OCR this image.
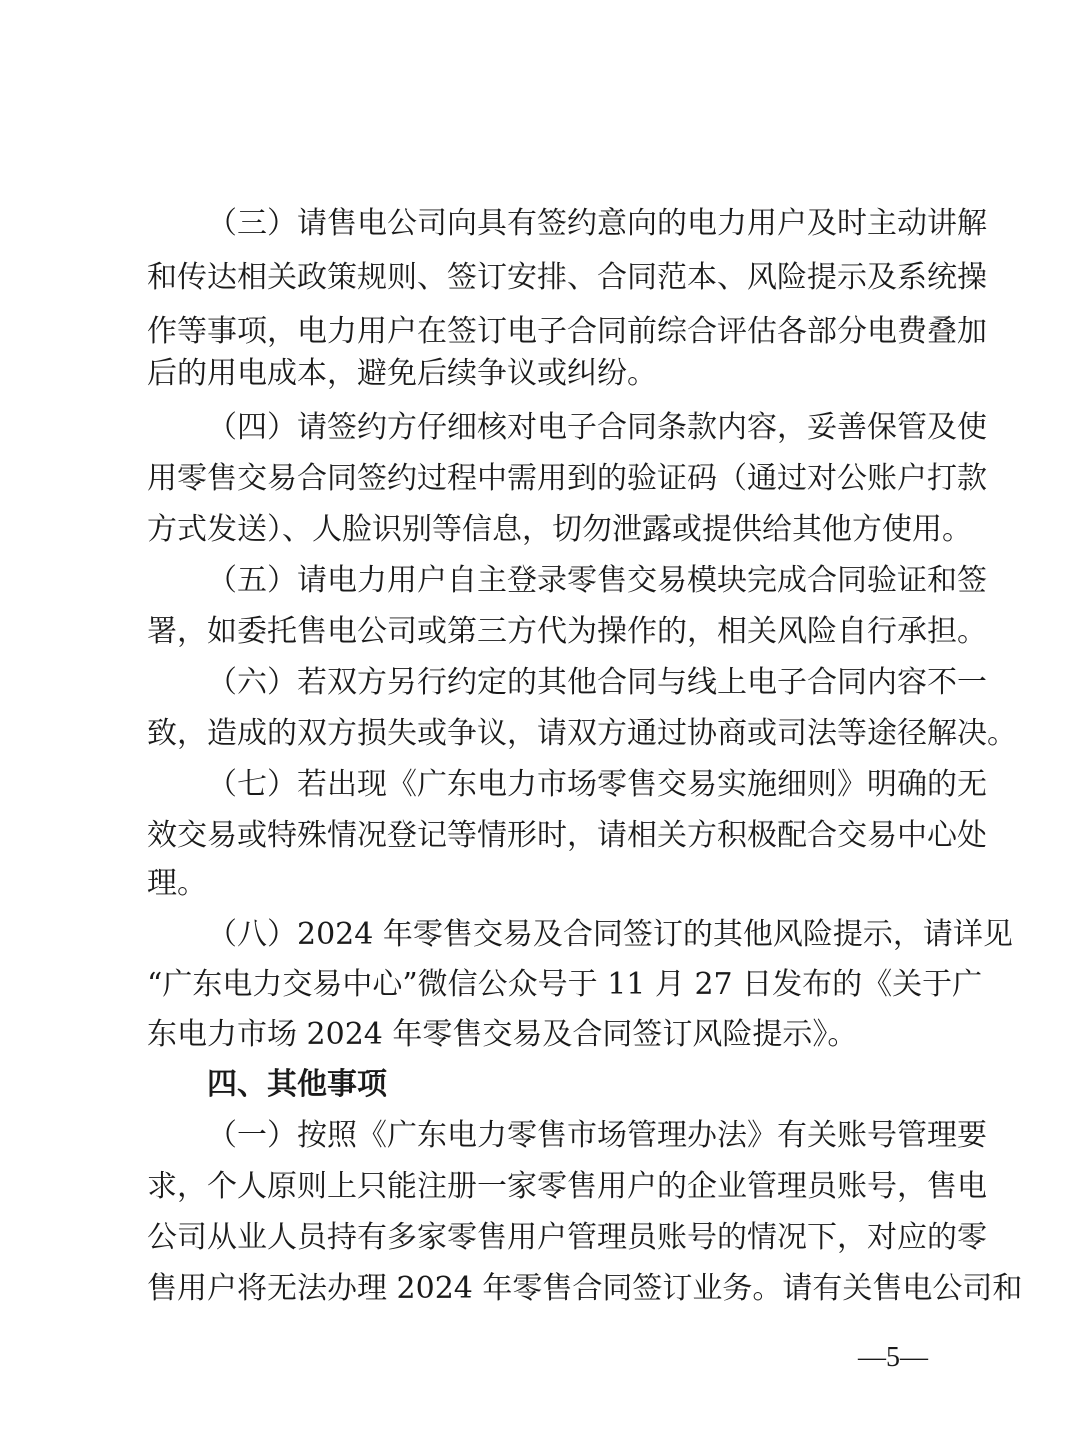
（三）请售电公司向具有签约意向的电力用户及时主动讲解
和传达相关政策规则、签订安排、合同范本、风险提示及系统操
作等事项，电力用户在签订电子合同前综合评估各部分电费叠加
后的用电成本，避免后续争议或纠纷。
（四）请签约方仔细核对电子合同条款内容，妥善保管及使
用零售交易合同签约过程中需用到的验证码（通过对公账户打款
方式发送）、人脸识别等信息，切勿泄露或提供给其他方使用。
（五）请电力用户自主登录零售交易模块完成合同验证和签
署，如委托售电公司或第三方代为操作的，相关风险自行承担。
（六）若双方另行约定的其他合同与线上电子合同内容不一
致，造成的双方损失或争议，请双方通过协商或司法等途径解决。
（七）若出现《广东电力市场零售交易实施细则》明确的无
效交易或特殊情况登记等情形时，请相关方积极配合交易中心处
理。
（八）2024 年零售交易及合同签订的其他风险提示，请详见
“广东电力交易中心”微信公众号于 11 月 27 日发布的《关于广
东电力市场 2024 年零售交易及合同签订风险提示》。
四、其他事项
（一）按照《广东电力零售市场管理办法》有关账号管理要
求，个人原则上只能注册一家零售用户的企业管理员账号，售电
公司从业人员持有多家零售用户管理员账号的情况下，对应的零
售用户将无法办理 2024 年零售合同签订业务。请有关售电公司和
—5—
